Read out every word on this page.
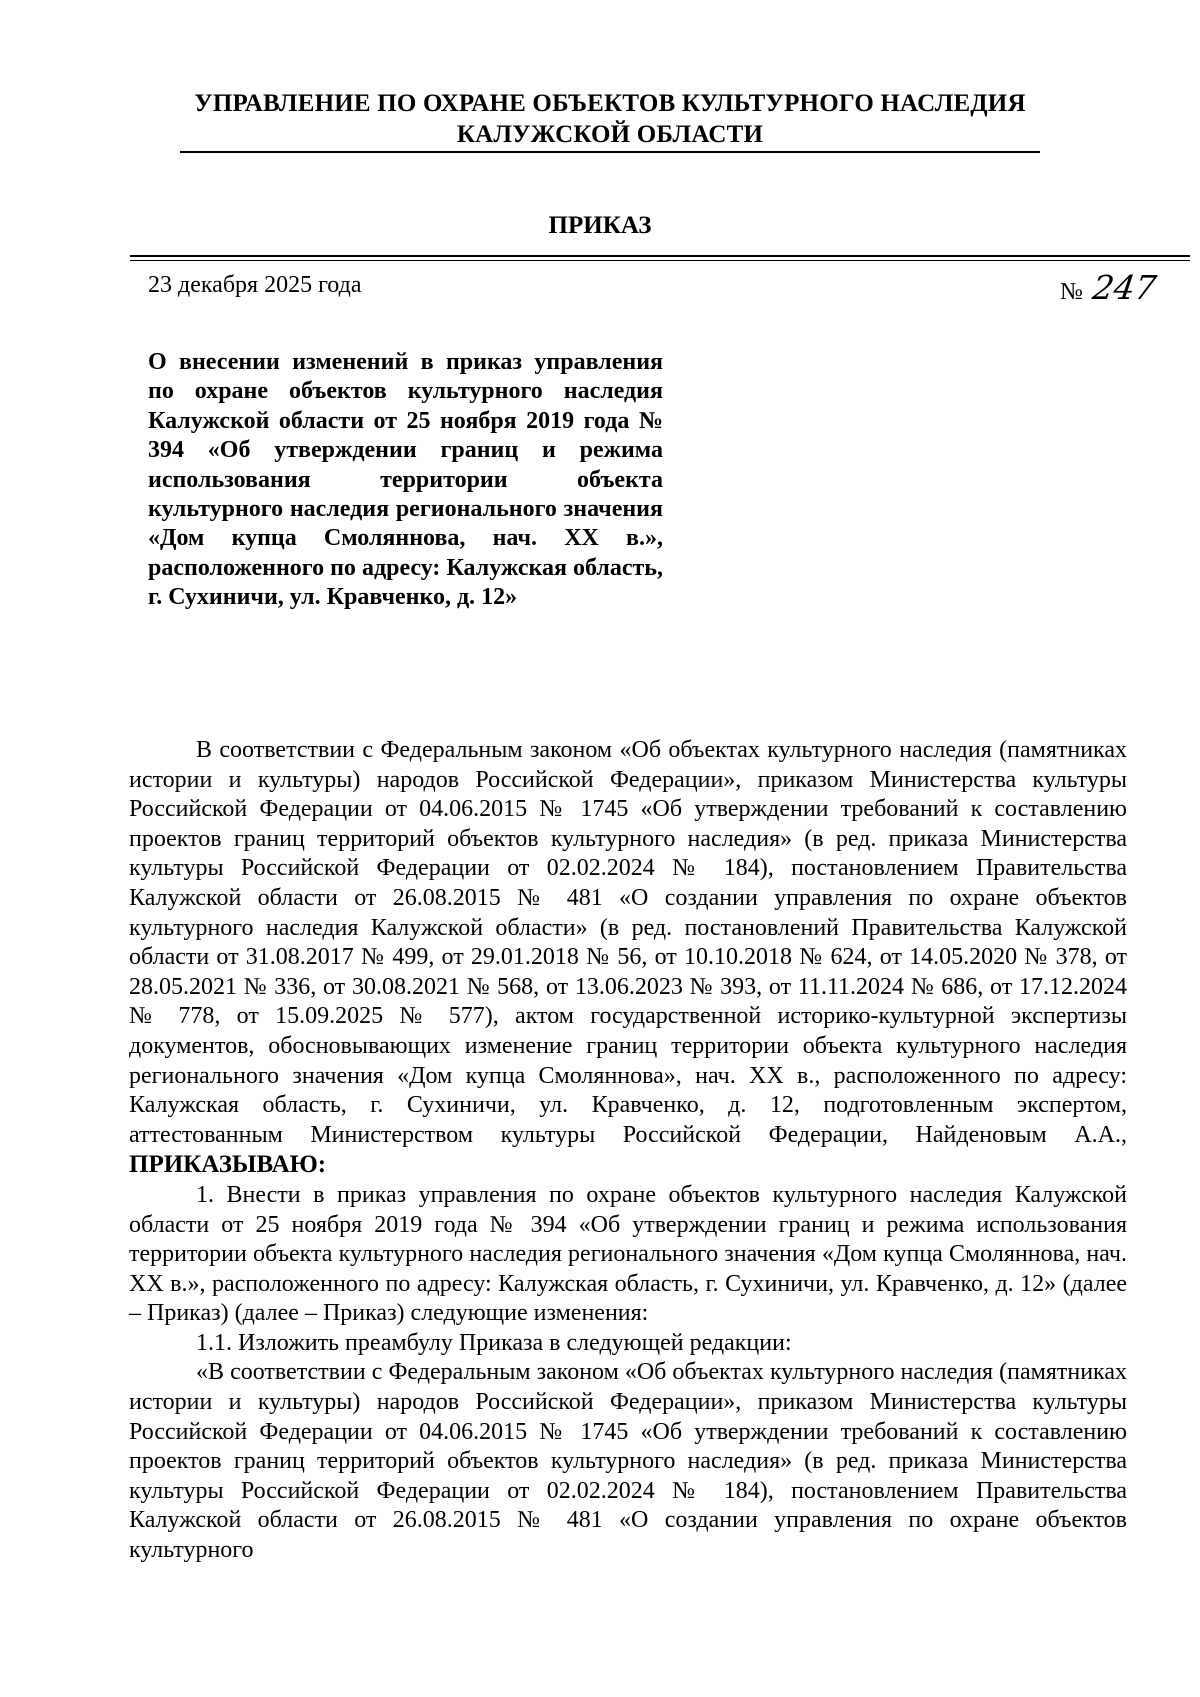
УПРАВЛЕНИЕ ПО ОХРАНЕ ОБЪЕКТОВ КУЛЬТУРНОГО НАСЛЕДИЯ
КАЛУЖСКОЙ ОБЛАСТИ
ПРИКАЗ
23 декабря 2025 года	№ 247
О внесении изменений в приказ управления по охране объектов культурного наследия Калужской области от 25 ноября 2019 года № 394 «Об утверждении границ и режима использования территории объекта культурного наследия регионального значения «Дом купца Смоляннова, нач. XX в.», расположенного по адресу: Калужская область, г. Сухиничи, ул. Кравченко, д. 12»

В соответствии с Федеральным законом «Об объектах культурного наследия (памятниках истории и культуры) народов Российской Федерации», приказом Министерства культуры Российской Федерации от 04.06.2015 № 1745 «Об утверждении требований к составлению проектов границ территорий объектов культурного наследия» (в ред. приказа Министерства культуры Российской Федерации от 02.02.2024 № 184), постановлением Правительства Калужской области от 26.08.2015 № 481 «О создании управления по охране объектов культурного наследия Калужской области» (в ред. постановлений Правительства Калужской области от 31.08.2017 № 499, от 29.01.2018 № 56, от 10.10.2018 № 624, от 14.05.2020 № 378, от 28.05.2021 № 336, от 30.08.2021 № 568, от 13.06.2023 № 393, от 11.11.2024 № 686, от 17.12.2024 № 778, от 15.09.2025 № 577), актом государственной историко-культурной экспертизы документов, обосновывающих изменение границ территории объекта культурного наследия регионального значения «Дом купца Смоляннова», нач. XX в., расположенного по адресу: Калужская область, г. Сухиничи, ул. Кравченко, д. 12, подготовленным экспертом, аттестованным Министерством культуры Российской Федерации, Найденовым А.А., ПРИКАЗЫВАЮ:

1. Внести в приказ управления по охране объектов культурного наследия Калужской области от 25 ноября 2019 года № 394 «Об утверждении границ и режима использования территории объекта культурного наследия регионального значения «Дом купца Смоляннова, нач. XX в.», расположенного по адресу: Калужская область, г. Сухиничи, ул. Кравченко, д. 12» (далее – Приказ) (далее – Приказ) следующие изменения:

1.1. Изложить преамбулу Приказа в следующей редакции:

«В соответствии с Федеральным законом «Об объектах культурного наследия (памятниках истории и культуры) народов Российской Федерации», приказом Министерства культуры Российской Федерации от 04.06.2015 № 1745 «Об утверждении требований к составлению проектов границ территорий объектов культурного наследия» (в ред. приказа Министерства культуры Российской Федерации от 02.02.2024 № 184), постановлением Правительства Калужской области от 26.08.2015 № 481 «О создании управления по охране объектов культурного
